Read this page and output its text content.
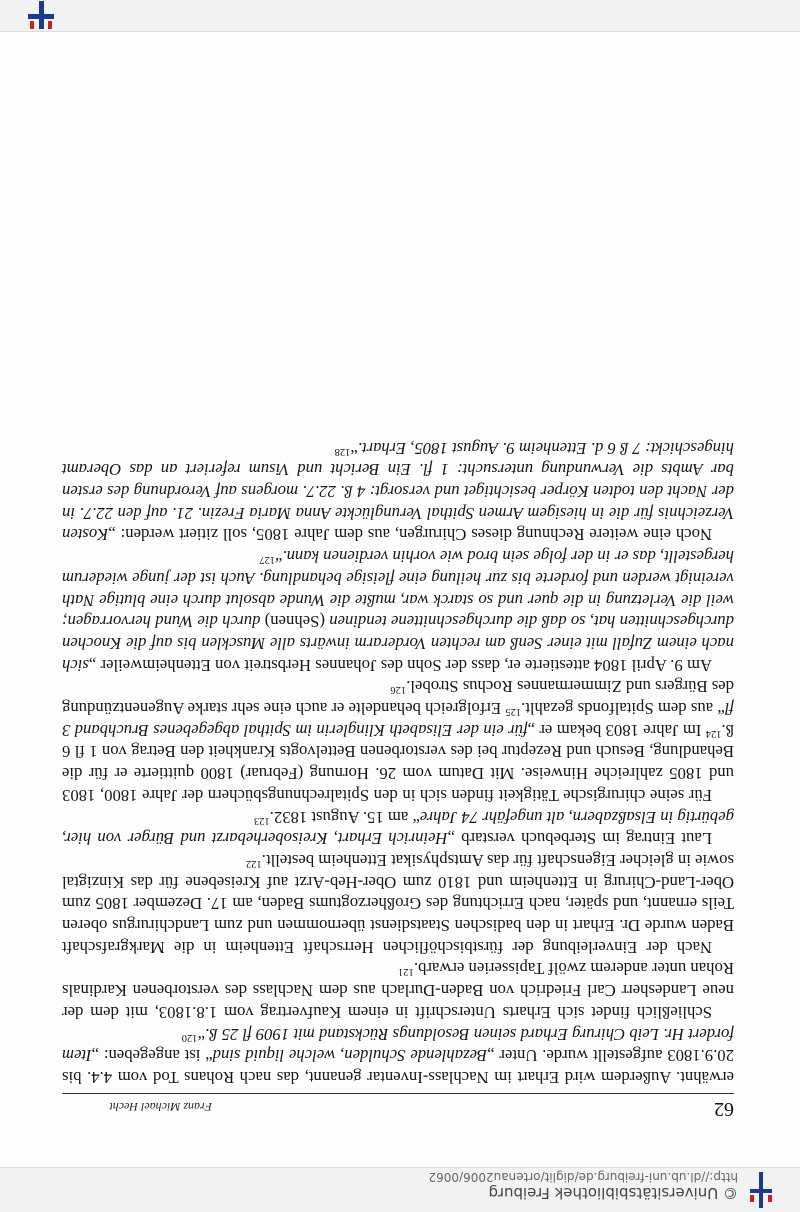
© Universitätsbibliothek Freiburg
http://dl.ub.uni-freiburg.de/diglit/ortenau2006/0062
62
Franz Michael Hecht

erwähnt. Außerdem wird Erhart im Nachlass-Inventar genannt, das nach Rohans Tod vom 4.4. bis 20.9.1803 aufgestellt wurde. Unter „Bezahlende Schulden, welche liquid sind“ ist angegeben: „Item fordert Hr. Leib Chirurg Erhard seinen Besoldungs Rückstand mit 1909 fl 25 ß.“$^{120}$

Schließlich findet sich Erharts Unterschrift in einem Kaufvertrag vom 1.8.1803, mit dem der neue Landesherr Carl Friedrich von Baden-Durlach aus dem Nachlass des verstorbenen Kardinals Rohan unter anderem zwölf Tapisserien erwarb.$^{121}$

Nach der Einverleibung der fürstbischöflichen Herrschaft Ettenheim in die Markgrafschaft Baden wurde Dr. Erhart in den badischen Staatsdienst übernommen und zum Landchirurgus oberen Teils ernannt, und später, nach Errichtung des Großherzogtums Baden, am 17. Dezember 1805 zum Ober-Land-Chirurg in Ettenheim und 1810 zum Ober-Heb-Arzt auf Kreisebene für das Kinzigtal sowie in gleicher Eigenschaft für das Amtsphysikat Ettenheim bestellt.$^{122}$

Laut Eintrag im Sterbebuch verstarb „Heinrich Erhart, Kreisoberhebarzt und Bürger von hier, gebürtig in Elsaßzabern, alt ungefähr 74 Jahre“ am 15. August 1832.$^{123}$

Für seine chirurgische Tätigkeit finden sich in den Spitalrechnungsbüchern der Jahre 1800, 1803 und 1805 zahlreiche Hinweise. Mit Datum vom 26. Hornung (Februar) 1800 quittierte er für die Behandlung, Besuch und Rezeptur bei des verstorbenen Bettelvogts Krankheit den Betrag von 1 fl 6 ß.$^{124}$ Im Jahre 1803 bekam er „für ein der Elisabeth Klinglerin im Spithal abgegebenes Bruchband 3 fl“ aus dem Spitalfonds gezahlt.$^{125}$ Erfolgreich behandelte er auch eine sehr starke Augenentzündung des Bürgers und Zimmermannes Rochus Strobel.$^{126}$

Am 9. April 1804 attestierte er, dass der Sohn des Johannes Herbstreit von Ettenheimweiler „sich nach einem Zufall mit einer Senß am rechten Vorderarm inwärts alle Muscklen bis auf die Knochen durchgeschnitten hat, so daß die durchgeschnittene tendinen (Sehnen) durch die Wund hervorragen; weil die Verletzung in die quer und so starck war, mußte die Wunde absolut durch eine blutige Nath vereinigt werden und forderte bis zur heilung eine fleisige behandlung. Auch ist der junge wiederum hergestellt, das er in der folge sein brod wie vorhin verdienen kann.“$^{127}$

Noch eine weitere Rechnung dieses Chirurgen, aus dem Jahre 1805, soll zitiert werden: „Kosten Verzeichnis für die in hiesigem Armen Spithal Verunglückte Anna Maria Frezin. 21. auf den 22.7. in der Nacht den todten Körper besichtiget und versorgt: 4 ß. 22.7. morgens auf Verordnung des ersten bar Ambts die Verwundung untersucht: 1 fl. Ein Bericht und Visum referiert an das Oberamt hingeschickt: 7 ß 6 d. Ettenheim 9. August 1805, Erhart.“$^{128}$
